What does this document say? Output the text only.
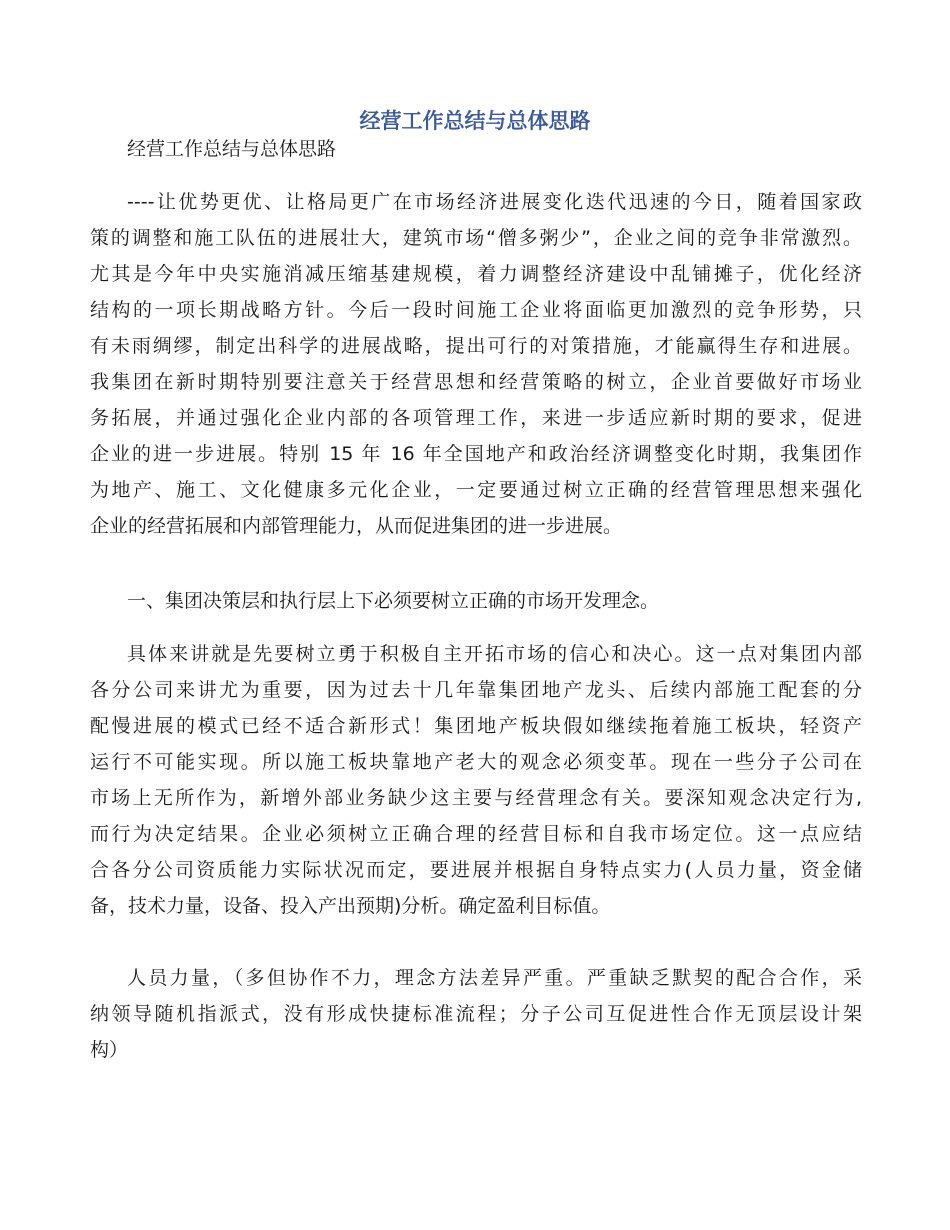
经营工作总结与总体思路
经营工作总结与总体思路
----让优势更优、让格局更广在市场经济进展变化迭代迅速的今日，随着国家政
策的调整和施工队伍的进展壮大，建筑市场“僧多粥少”，企业之间的竞争非常激烈。
尤其是今年中央实施消减压缩基建规模，着力调整经济建设中乱铺摊子，优化经济
结构的一项长期战略方针。今后一段时间施工企业将面临更加激烈的竞争形势，只
有未雨绸缪，制定出科学的进展战略，提出可行的对策措施，才能赢得生存和进展。
我集团在新时期特别要注意关于经营思想和经营策略的树立，企业首要做好市场业
务拓展，并通过强化企业内部的各项管理工作，来进一步适应新时期的要求，促进
企业的进一步进展。特别 15 年 16 年全国地产和政治经济调整变化时期，我集团作
为地产、施工、文化健康多元化企业，一定要通过树立正确的经营管理思想来强化
企业的经营拓展和内部管理能力，从而促进集团的进一步进展。
一、集团决策层和执行层上下必须要树立正确的市场开发理念。
具体来讲就是先要树立勇于积极自主开拓市场的信心和决心。这一点对集团内部
各分公司来讲尤为重要，因为过去十几年靠集团地产龙头、后续内部施工配套的分
配慢进展的模式已经不适合新形式！集团地产板块假如继续拖着施工板块，轻资产
运行不可能实现。所以施工板块靠地产老大的观念必须变革。现在一些分子公司在
市场上无所作为，新增外部业务缺少这主要与经营理念有关。要深知观念决定行为,
而行为决定结果。企业必须树立正确合理的经营目标和自我市场定位。这一点应结
合各分公司资质能力实际状况而定，要进展并根据自身特点实力(人员力量，资金储
备，技术力量，设备、投入产出预期)分析。确定盈利目标值。
人员力量，（多但协作不力，理念方法差异严重。严重缺乏默契的配合合作，采
纳领导随机指派式，没有形成快捷标准流程；分子公司互促进性合作无顶层设计架
构）
